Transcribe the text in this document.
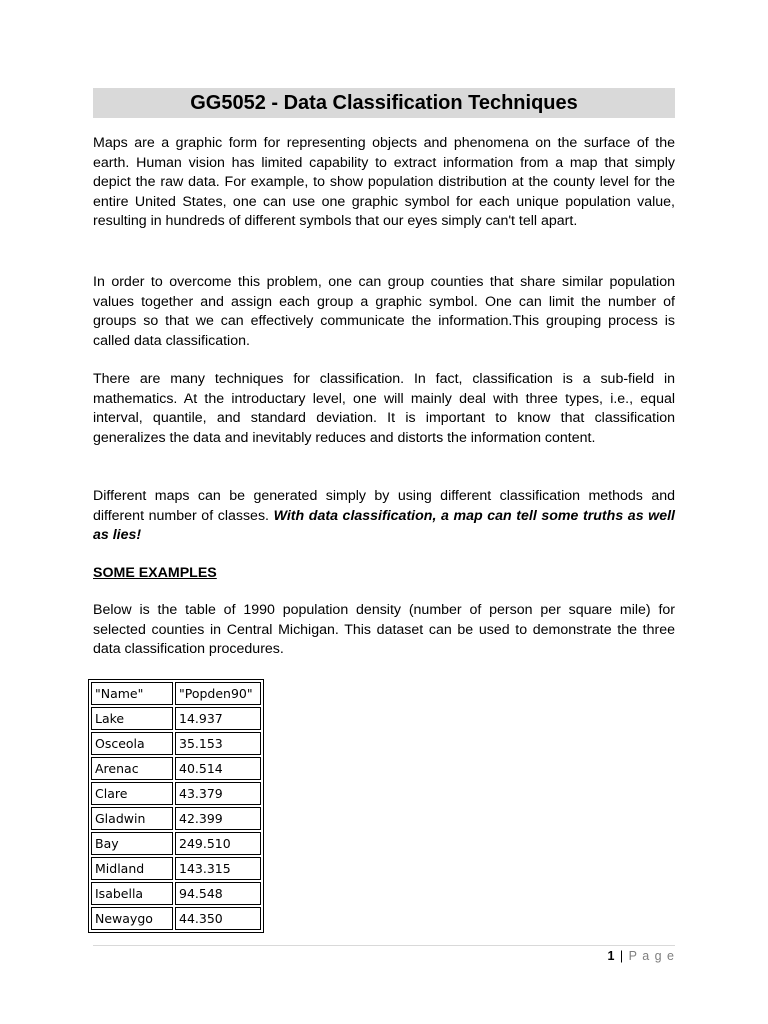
GG5052 - Data Classification Techniques
Maps are a graphic form for representing objects and phenomena on the surface of the earth. Human vision has limited capability to extract information from a map that simply depict the raw data. For example, to show population distribution at the county level for the entire United States, one can use one graphic symbol for each unique population value, resulting in hundreds of different symbols that our eyes simply can't tell apart.
In order to overcome this problem, one can group counties that share similar population values together and assign each group a graphic symbol. One can limit the number of groups so that we can effectively communicate the information.This grouping process is called data classification.
There are many techniques for classification. In fact, classification is a sub-field in mathematics. At the introductary level, one will mainly deal with three types, i.e., equal interval, quantile, and standard deviation. It is important to know that classification generalizes the data and inevitably reduces and distorts the information content.
Different maps can be generated simply by using different classification methods and different number of classes. With data classification, a map can tell some truths as well as lies!
SOME EXAMPLES
Below is the table of 1990 population density (number of person per square mile) for selected counties in Central Michigan. This dataset can be used to demonstrate the three data classification procedures.
"Name"	"Popden90"
Lake	14.937
Osceola	35.153
Arenac	40.514
Clare	43.379
Gladwin	42.399
Bay	249.510
Midland	143.315
Isabella	94.548
Newaygo	44.350
1 | P a g e
